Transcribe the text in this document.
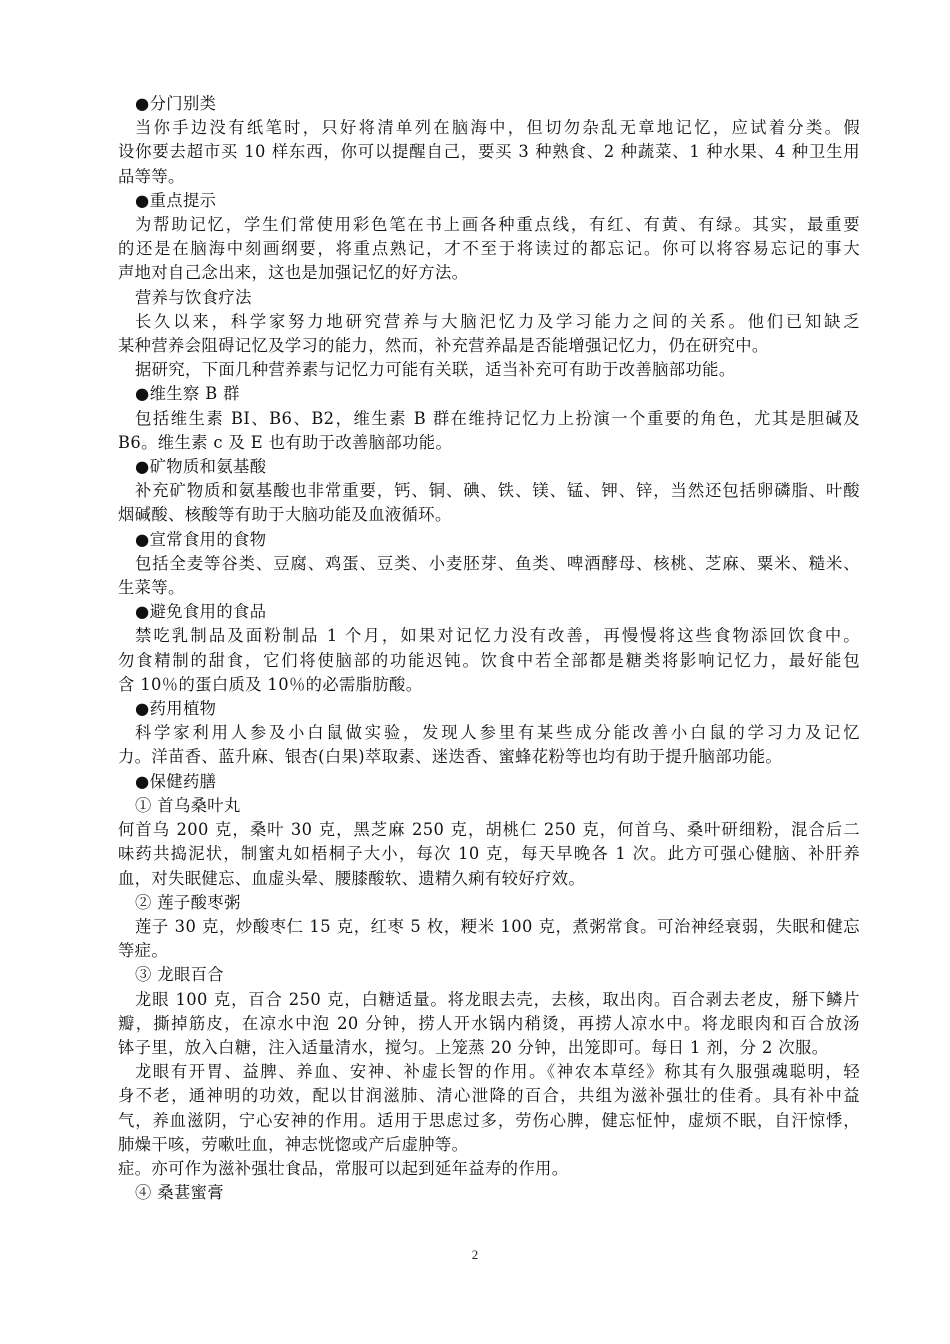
●分门别类
当你手边没有纸笔时，只好将清单列在脑海中，但切勿杂乱无章地记忆，应试着分类。假
设你要去超市买 10 样东西，你可以提醒自己，要买 3 种熟食、2 种蔬菜、1 种水果、4 种卫生用
品等等。
●重点提示
为帮助记忆，学生们常使用彩色笔在书上画各种重点线，有红、有黄、有绿。其实，最重要
的还是在脑海中刻画纲要，将重点熟记，才不至于将读过的都忘记。你可以将容易忘记的事大
声地对自己念出来，这也是加强记忆的好方法。
营养与饮食疗法
长久以来，科学家努力地研究营养与大脑汜忆力及学习能力之间的关系。他们已知缺乏
某种营养会阻碍记忆及学习的能力，然而，补充营养晶是否能增强记忆力，仍在研究中。
据研究，下面几种营养素与记忆力可能有关联，适当补充可有助于改善脑部功能。
●维生察 B 群
包括维生素 BI、B6、B2，维生素 B 群在维持记忆力上扮演一个重要的角色，尤其是胆碱及
B6。维生素 c 及 E 也有助于改善脑部功能。
●矿物质和氨基酸
补充矿物质和氨基酸也非常重要，钙、铜、碘、铁、镁、锰、钾、锌，当然还包括卵磷脂、叶酸
烟碱酸、核酸等有助于大脑功能及血液循环。
●宣常食用的食物
包括全麦等谷类、豆腐、鸡蛋、豆类、小麦胚芽、鱼类、啤酒酵母、核桃、芝麻、粟米、糙米、
生菜等。
●避免食用的食品
禁吃乳制品及面粉制品 1 个月，如果对记忆力没有改善，再慢慢将这些食物添回饮食中。
勿食精制的甜食，它们将使脑部的功能迟钝。饮食中若全部都是糖类将影响记忆力，最好能包
含 10％的蛋白质及 10％的必需脂肪酸。
●药用植物
科学家利用人参及小白鼠做实验，发现人参里有某些成分能改善小白鼠的学习力及记忆
力。洋苗香、蓝升麻、银杏(白果)萃取素、迷迭香、蜜蜂花粉等也均有助于提升脑部功能。
●保健药膳
① 首乌桑叶丸
何首乌 200 克，桑叶 30 克，黑芝麻 250 克，胡桃仁 250 克，何首乌、桑叶研细粉，混合后二
味药共捣泥状，制蜜丸如梧桐子大小，每次 10 克，每天早晚各 1 次。此方可强心健脑、补肝养
血，对失眠健忘、血虚头晕、腰膝酸软、遗精久痢有较好疗效。
② 莲子酸枣粥
莲子 30 克，炒酸枣仁 15 克，红枣 5 枚，粳米 100 克，煮粥常食。可治神经衰弱，失眠和健忘
等症。
③ 龙眼百合
龙眼 100 克，百合 250 克，白糖适量。将龙眼去壳，去核，取出肉。百合剥去老皮，掰下鳞片
瓣，撕掉筋皮，在凉水中泡 20 分钟，捞人开水锅内稍烫，再捞人凉水中。将龙眼肉和百合放汤
钵子里，放入白糖，注入适量清水，搅匀。上笼蒸 20 分钟，出笼即可。每日 1 剂，分 2 次服。
龙眼有开胃、益脾、养血、安神、补虚长智的作用。《神农本草经》称其有久服强魂聪明，轻
身不老，通神明的功效，配以甘润滋肺、清心泄降的百合，共组为滋补强壮的佳肴。具有补中益
气，养血滋阴，宁心安神的作用。适用于思虑过多，劳伤心脾，健忘怔忡，虚烦不眠，自汗惊悸，
肺燥干咳，劳嗽吐血，神志恍惚或产后虚肿等。
症。亦可作为滋补强壮食品，常服可以起到延年益寿的作用。
④ 桑葚蜜膏
2
